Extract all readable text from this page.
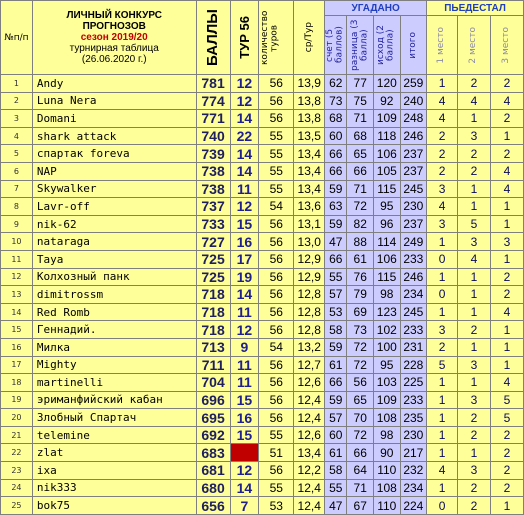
№п/п	ЛИЧНЫЙ КОНКУРС
ПРОГНОЗОВ
сезон 2019/20
турнирная таблица
(26.06.2020 г.)	БАЛЛЫ	ТУР 56	количество туров	ср/Тур	УГАДАНО				ПЬЕДЕСТАЛ		

						счет (5 баллов)	разница (3 балла)	исход (2 балла)	итого	1 место	2 место	3 место

1	Andy	781	12	56	13,9	62	77	120	259	1	2	2
2	Luna Nera	774	12	56	13,8	73	75	92	240	4	4	4
3	Domani	771	14	56	13,8	68	71	109	248	4	1	2
4	shark attack	740	22	55	13,5	60	68	118	246	2	3	1
5	спартак foreva	739	14	55	13,4	66	65	106	237	2	2	2
6	NAP	738	14	55	13,4	66	66	105	237	2	2	4
7	Skywalker	738	11	55	13,4	59	71	115	245	3	1	4
8	Lavr-off	737	12	54	13,6	63	72	95	230	4	1	1
9	nik-62	733	15	56	13,1	59	82	96	237	3	5	1
10	nataraga	727	16	56	13,0	47	88	114	249	1	3	3
11	Taya	725	17	56	12,9	66	61	106	233	0	4	1
12	Колхозный панк	725	19	56	12,9	55	76	115	246	1	1	2
13	dimitrossm	718	14	56	12,8	57	79	98	234	0	1	2
14	Red Romb	718	11	56	12,8	53	69	123	245	1	1	4
15	Геннадий.	718	12	56	12,8	58	73	102	233	3	2	1
16	Милка	713	9	54	13,2	59	72	100	231	2	1	1
17	Mighty	711	11	56	12,7	61	72	95	228	5	3	1
18	martinelli	704	11	56	12,6	66	56	103	225	1	1	4
19	эриманфийский кабан	696	15	56	12,4	59	65	109	233	1	3	5
20	Злобный Спартач	695	16	56	12,4	57	70	108	235	1	2	5
21	telemine	692	15	55	12,6	60	72	98	230	1	2	2
22	zlat	683		51	13,4	61	66	90	217	1	1	2
23	ixa	681	12	56	12,2	58	64	110	232	4	3	2
24	nik333	680	14	55	12,4	55	71	108	234	1	2	2
25	bok75	656	7	53	12,4	47	67	110	224	0	2	1
